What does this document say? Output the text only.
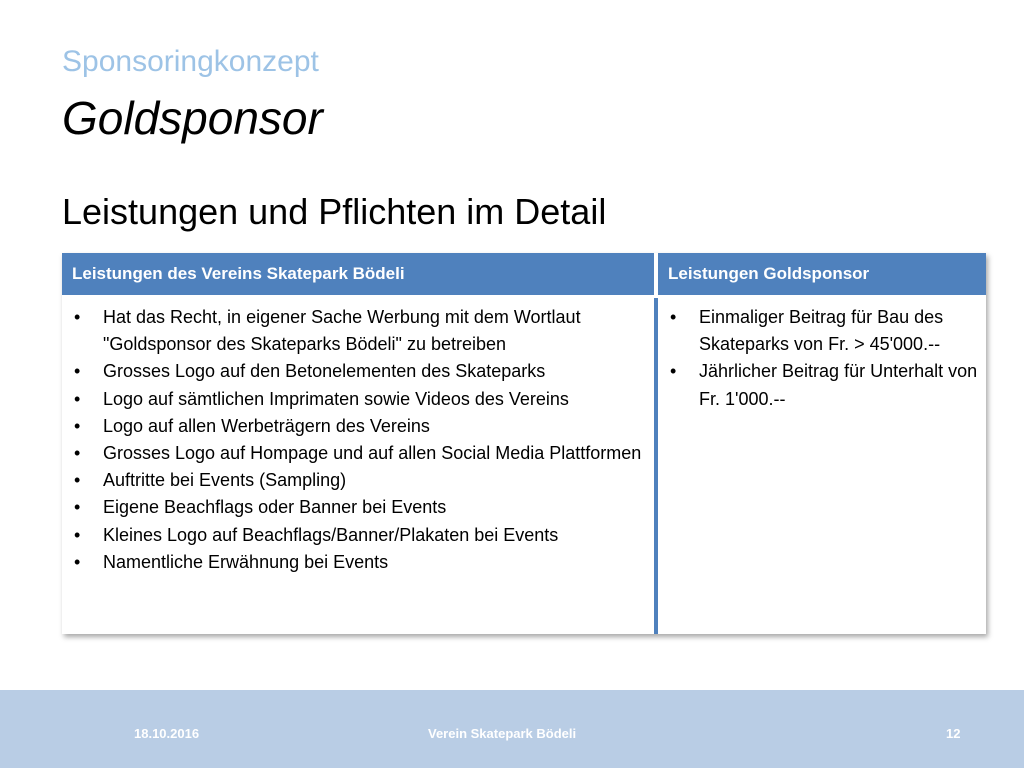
Sponsoringkonzept
Goldsponsor
Leistungen und Pflichten im Detail
Leistungen des Vereins Skatepark Bödeli
• Hat das Recht, in eigener Sache Werbung mit dem Wortlaut "Goldsponsor des Skateparks Bödeli" zu betreiben
• Grosses Logo auf den Betonelementen des Skateparks
• Logo auf sämtlichen Imprimaten sowie Videos des Vereins
• Logo auf allen Werbeträgern des Vereins
• Grosses Logo auf Hompage und auf allen Social Media Plattformen
• Auftritte bei Events (Sampling)
• Eigene Beachflags oder Banner bei Events
• Kleines Logo auf Beachflags/Banner/Plakaten bei Events
• Namentliche Erwähnung bei Events
Leistungen Goldsponsor
• Einmaliger Beitrag für Bau des Skateparks von Fr. > 45'000.--
• Jährlicher Beitrag für Unterhalt von Fr. 1'000.--
18.10.2016	Verein Skatepark Bödeli	12
